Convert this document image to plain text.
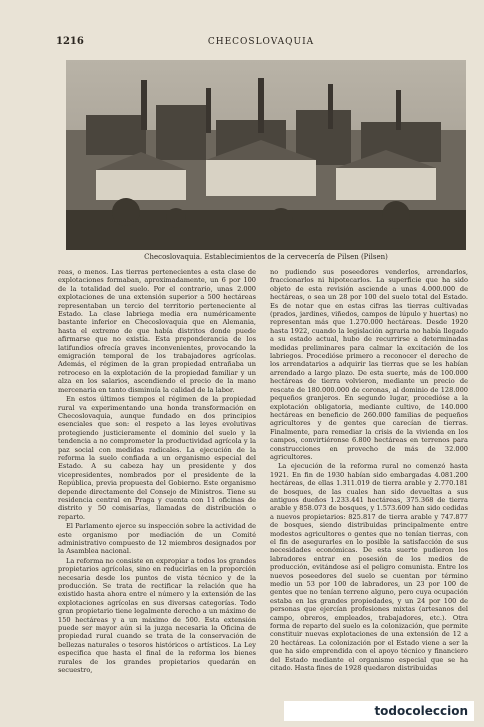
1216	CHECOSLOVAQUIA
Checoslovaquia. Establecimientos de la cervecería de Pilsen (Pilsen)

reas, o menos. Las tierras pertenecientes a esta clase de explotaciones formaban, aproximadamente, un 6 por 100 de la totalidad del suelo. Por el contrario, unas 2.000 explotaciones de una extensión superior a 500 hectáreas representaban un tercio del territorio perteneciente al Estado. La clase labriega media era numéricamente bastante inferior en Checoslovaquia que en Alemania, hasta el extremo de que había distritos donde puede afirmarse que no existía. Esta preponderancia de los latifundios ofrecía graves inconvenientes, provocando la emigración temporal de los trabajadores agrícolas. Además, el régimen de la gran propiedad entrañaba un retroceso en la explotación de la propiedad familiar y un alza en los salarios, ascendiendo el precio de la mano mercenaria en tanto disminuía la calidad de la labor.

En estos últimos tiempos el régimen de la propiedad rural va experimentando una honda transformación en Checoslovaquia, aunque fundado en dos principios esenciales que son: el respeto a las leyes evolutivas protegiendo justicieramente el dominio del suelo y la tendencia a no comprometer la productividad agrícola y la paz social con medidas radicales. La ejecución de la reforma la suelo confiada a un organismo especial del Estado. A su cabeza hay un presidente y dos vicepresidentes, nombrados por el presidente de la República, previa propuesta del Gobierno. Este organismo depende directamente del Consejo de Ministros. Tiene su residencia central en Praga y cuenta con 11 oficinas de distrito y 50 comisarías, llamadas de distribución o reparto.

El Parlamento ejerce su inspección sobre la actividad de este organismo por mediación de un Comité administrativo compuesto de 12 miembros designados por la Asamblea nacional.

La reforma no consiste en expropiar a todos los grandes propietarios agrícolas, sino en reducirlas en la proporción necesaria desde los puntos de vista técnico y de la producción. Se trata de rectificar la relación que ha existido hasta ahora entre el número y la extensión de las explotaciones agrícolas en sus diversas categorías. Todo gran propietario tiene legalmente derecho a un máximo de 150 hectáreas y a un máximo de 500. Esta extensión puede ser mayor aún si la juzga necesaria la Oficina de propiedad rural cuando se trata de la conservación de bellezas naturales o tesoros históricos o artísticos. La Ley especifica que hasta el final de la reforma los bienes rurales de los grandes propietarios quedarán en secuestro,

no pudiendo sus poseedores venderlos, arrendarlos, fraccionarlos ni hipotecarlos. La superficie que ha sido objeto de esta revisión asciende a unas 4.000.000 de hectáreas, o sea un 28 por 100 del suelo total del Estado. Es de notar que en estas cifras las tierras cultivadas (prados, jardines, viñedos, campos de lúpulo y huertas) no representan más que 1.270.000 hectáreas. Desde 1920 hasta 1922, cuando la legislación agraria no había llegado a su estado actual, hubo de recurrirse a determinadas medidas preliminares para calmar la excitación de los labriegos. Procedióse primero a reconocer el derecho de los arrendatarios a adquirir las tierras que se les habían arrendado a largo plazo. De esta suerte, más de 100.000 hectáreas de tierra volvieron, mediante un precio de rescate de 180.000.000 de coronas, al dominio de 128.000 pequeños granjeros. En segundo lugar, procedióse a la explotación obligatoria, mediante cultivo, de 140.000 hectáreas en beneficio de 260.000 familias de pequeños agricultores y de gentes que carecían de tierras. Finalmente, para remediar la crisis de la vivienda en los campos, convirtiéronse 6.800 hectáreas en terrenos para construcciones en provecho de más de 32.000 agricultores.

La ejecución de la reforma rural no comenzó hasta 1921. En fin de 1930 habían sido embargadas 4.081.200 hectáreas, de ellas 1.311.019 de tierra arable y 2.770.181 de bosques, de las cuales han sido devueltas a sus antiguos dueños 1.233.441 hectáreas, 375.368 de tierra arable y 858.073 de bosques, y 1.573.609 han sido cedidas a nuevos propietarios: 825.817 de tierra arable y 747.877 de bosques, siendo distribuidas principalmente entre modestos agricultores o gentes que no tenían tierras, con el fin de asegurarles en lo posible la satisfacción de sus necesidades económicas. De esta suerte pudieron los labradores entrar en posesión de los medios de producción, evitándose así el peligro comunista. Entre los nuevos poseedores del suelo se cuentan por término medio un 53 por 100 de labradores, un 23 por 100 de gentes que no tenían terreno alguno, pero cuya ocupación estaba en las grandes propiedades, y un 24 por 100 de personas que ejercían profesiones mixtas (artesanos del campo, obreros, empleados, trabajadores, etc.). Otra forma de reparto del suelo es la colonización, que permite constituir nuevas explotaciones de una extensión de 12 a 20 hectáreas. La colonización por el Estado viene a ser la que ha sido emprendida con el apoyo técnico y financiero del Estado mediante el organismo especial que se ha citado. Hasta fines de 1928 quedaron distribuidas

todocoleccion
